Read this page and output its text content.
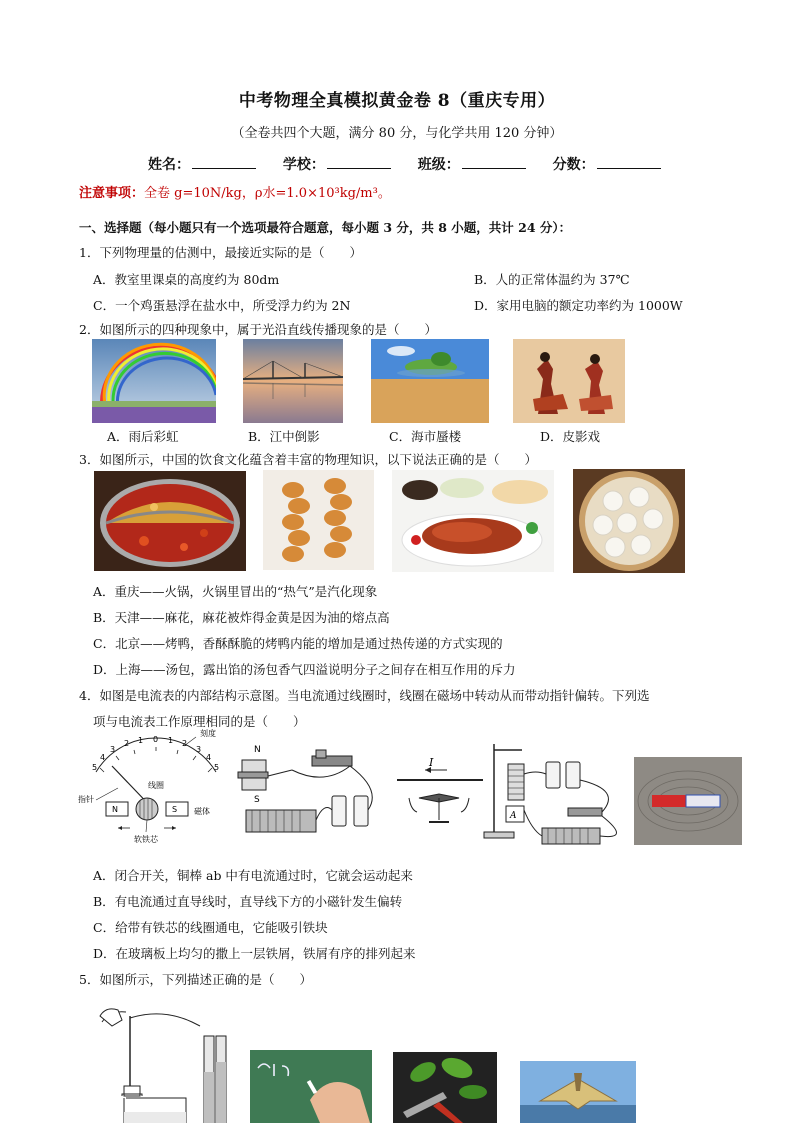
中考物理全真模拟黄金卷 8（重庆专用）
（全卷共四个大题，满分 80 分，与化学共用 120 分钟）
姓名：	学校：	班级：	分数：
注意事项：全卷 g=10N/kg，ρ水=1.0×10³kg/m³。
一、选择题（每小题只有一个选项最符合题意，每小题 3 分，共 8 小题，共计 24 分）：
1．下列物理量的估测中，最接近实际的是（　　）
A．教室里课桌的高度约为 80dm	B．人的正常体温约为 37℃
C．一个鸡蛋悬浮在盐水中，所受浮力约为 2N	D．家用电脑的额定功率约为 1000W
2．如图所示的四种现象中，属于光沿直线传播现象的是（　　）
A．雨后彩虹	B．江中倒影	C．海市蜃楼	D．皮影戏
3．如图所示，中国的饮食文化蕴含着丰富的物理知识，以下说法正确的是（　　）
A．重庆——火锅，火锅里冒出的“热气”是汽化现象
B．天津——麻花，麻花被炸得金黄是因为油的熔点高
C．北京——烤鸭，香酥酥脆的烤鸭内能的增加是通过热传递的方式实现的
D．上海——汤包，露出馅的汤包香气四溢说明分子之间存在相互作用的斥力
4．如图是电流表的内部结构示意图。当电流通过线圈时，线圈在磁场中转动从而带动指针偏转。下列选
项与电流表工作原理相同的是（　　）
5
4
3
2 1 0 1 2
3
4
5
刻度
指针
N	S
线圈
磁体
软铁芯
N
S
I
A
A．闭合开关，铜棒 ab 中有电流通过时，它就会运动起来
B．有电流通过直导线时，直导线下方的小磁针发生偏转
C．给带有铁芯的线圈通电，它能吸引铁块
D．在玻璃板上均匀的撒上一层铁屑，铁屑有序的排列起来
5．如图所示，下列描述正确的是（　　）
